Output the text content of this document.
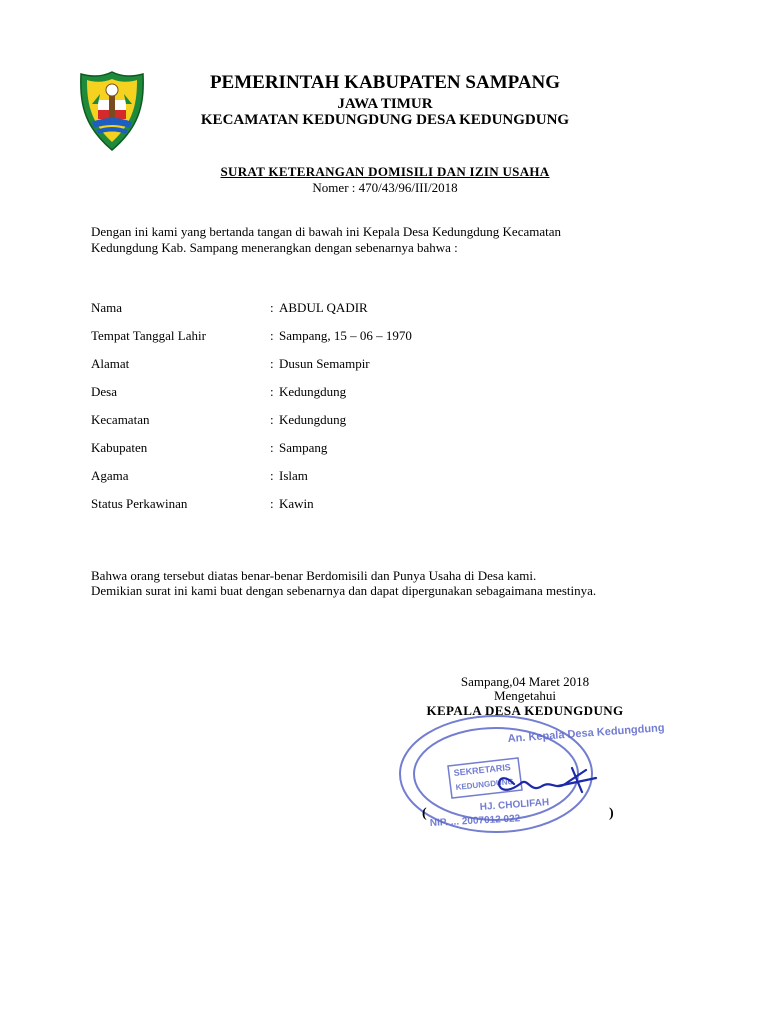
PEMERINTAH KABUPATEN SAMPANG
JAWA TIMUR
KECAMATAN KEDUNGDUNG DESA KEDUNGDUNG
SURAT KETERANGAN DOMISILI DAN IZIN USAHA
Nomer : 470/43/96/III/2018
Dengan ini kami yang bertanda tangan di bawah ini Kepala Desa Kedungdung Kecamatan
Kedungdung Kab. Sampang menerangkan dengan sebenarnya bahwa :
Nama	: ABDUL QADIR
Tempat Tanggal Lahir	: Sampang, 15 – 06 – 1970
Alamat	: Dusun Semampir
Desa	: Kedungdung
Kecamatan	: Kedungdung
Kabupaten	: Sampang
Agama	: Islam
Status Perkawinan	: Kawin
Bahwa orang tersebut diatas benar-benar Berdomisili dan Punya Usaha di Desa kami.
Demikian surat ini kami buat dengan sebenarnya dan dapat dipergunakan sebagaimana mestinya.
Sampang,04 Maret 2018
Mengetahui
KEPALA DESA KEDUNGDUNG
An. Kepala Desa Kedungdung
SEKRETARIS
KEDUNGDUNG
HJ. CHOLIFAH
NIP. ... 2007012 022
(	)
